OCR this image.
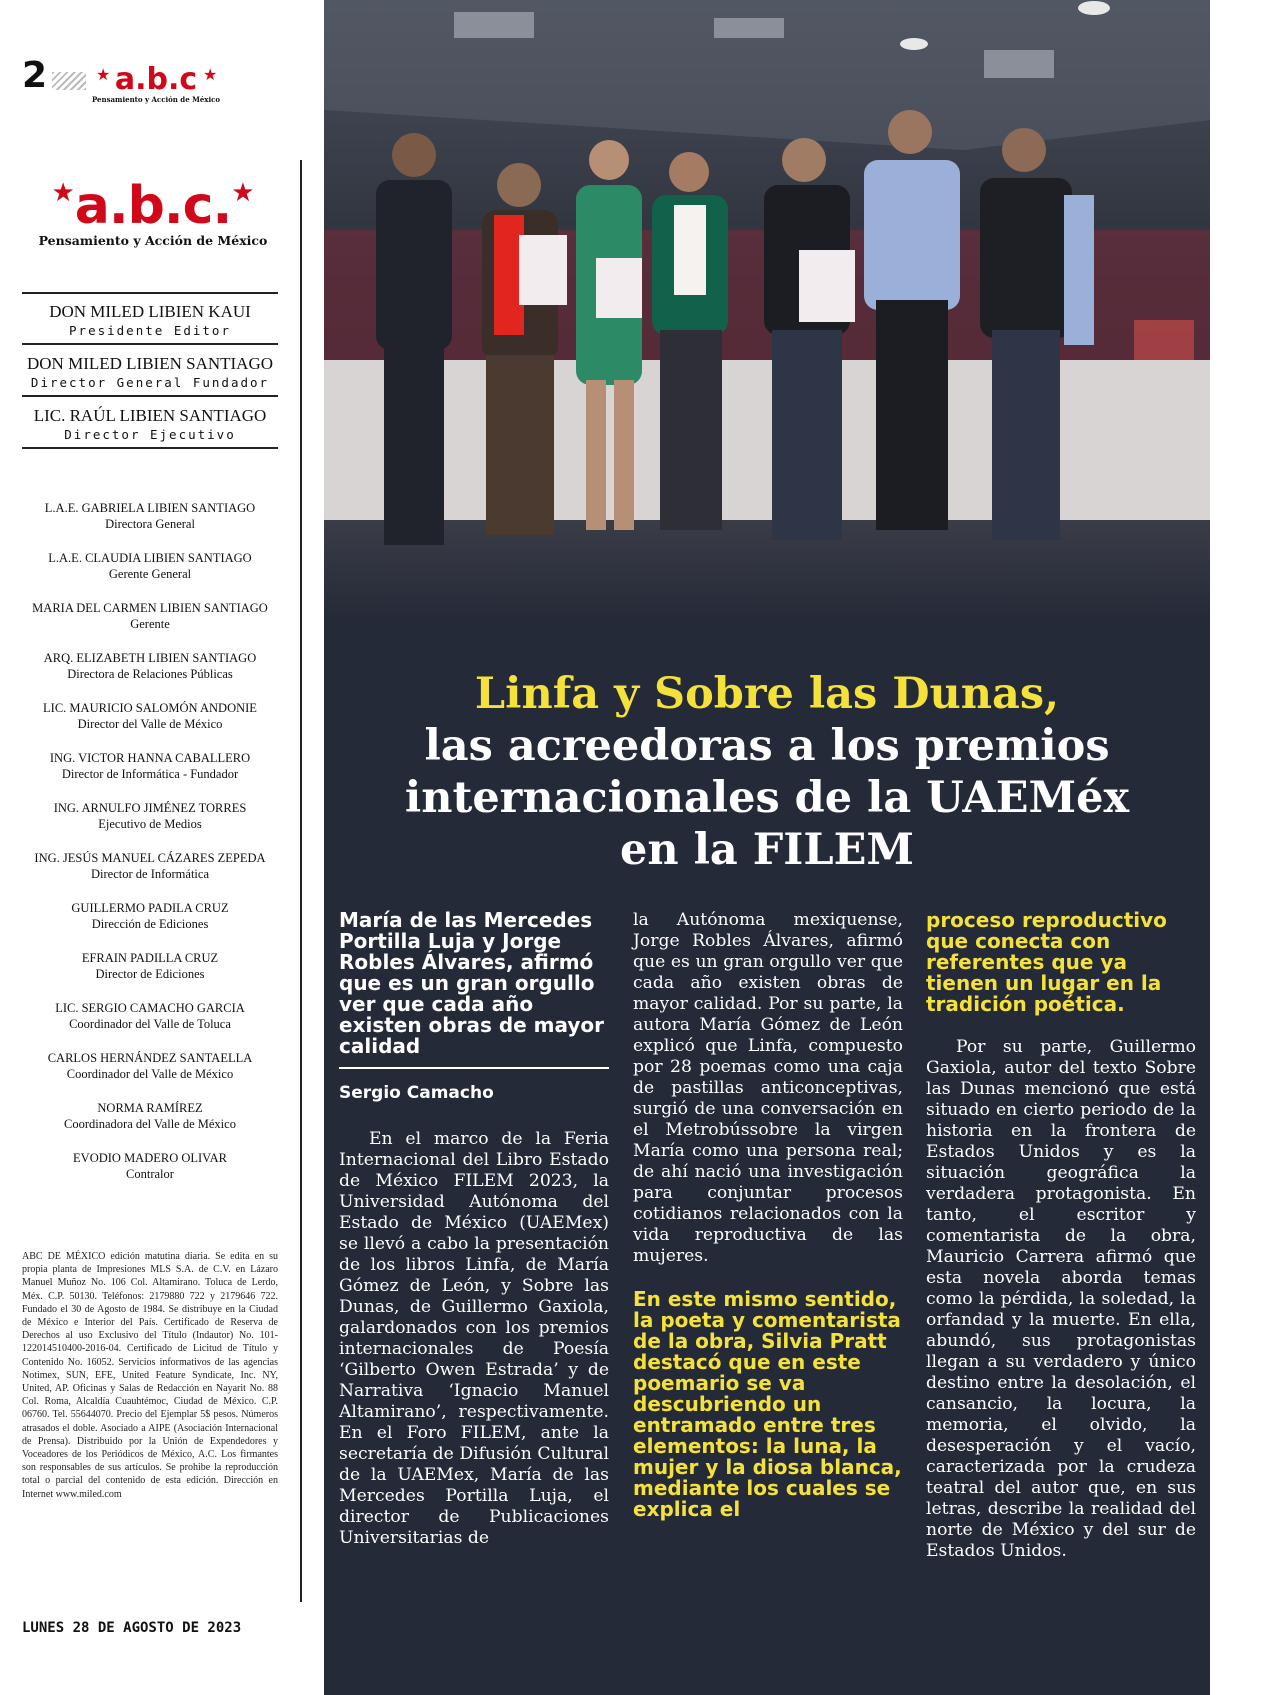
2	★ a.b.c ★
Pensamiento y Acción de México
★a.b.c.★
Pensamiento y Acción de México
DON MILED LIBIEN KAUI
Presidente Editor
DON MILED LIBIEN SANTIAGO
Director General Fundador
LIC. RAÚL LIBIEN SANTIAGO
Director Ejecutivo
L.A.E. GABRIELA LIBIEN SANTIAGO
Directora General
L.A.E. CLAUDIA LIBIEN SANTIAGO
Gerente General
MARIA DEL CARMEN LIBIEN SANTIAGO
Gerente
ARQ. ELIZABETH LIBIEN SANTIAGO
Directora de Relaciones Públicas
LIC. MAURICIO SALOMÓN ANDONIE
Director del Valle de México
ING. VICTOR HANNA CABALLERO
Director de Informática - Fundador
ING. ARNULFO JIMÉNEZ TORRES
Ejecutivo de Medios
ING. JESÚS MANUEL CÁZARES ZEPEDA
Director de Informática
GUILLERMO PADILA CRUZ
Dirección de Ediciones
EFRAIN PADILLA CRUZ
Director de Ediciones
LIC. SERGIO CAMACHO GARCIA
Coordinador del Valle de Toluca
CARLOS HERNÁNDEZ SANTAELLA
Coordinador del Valle de México
NORMA RAMÍREZ
Coordinadora del Valle de México
EVODIO MADERO OLIVAR
Contralor
ABC DE MÉXICO edición matutina diaria. Se edita en su propia planta de Impresiones MLS S.A. de C.V. en Lázaro Manuel Muñoz No. 106 Col. Altamirano. Toluca de Lerdo, Méx. C.P. 50130. Teléfonos: 2179880 722 y 2179646 722. Fundado el 30 de Agosto de 1984. Se distribuye en la Ciudad de México e Interior del País. Certificado de Reserva de Derechos al uso Exclusivo del Título (Indautor) No. 101-122014510400-2016-04. Certificado de Licitud de Título y Contenido No. 16052. Servicios informativos de las agencias Notimex, SUN, EFE, United Feature Syndicate, Inc. NY, United, AP. Oficinas y Salas de Redacción en Nayarit No. 88 Col. Roma, Alcaldía Cuauhtémoc, Ciudad de México. C.P. 06760. Tel. 55644070. Precio del Ejemplar 5$ pesos. Números atrasados el doble. Asociado a AIPE (Asociación Internacional de Prensa). Distribuido por la Unión de Expendedores y Voceadores de los Periódicos de México, A.C. Los firmantes son responsables de sus artículos. Se prohibe la reproducción total o parcial del contenido de esta edición. Dirección en Internet www.miled.com
LUNES 28 DE AGOSTO DE 2023
Linfa y Sobre las Dunas,
las acreedoras a los premios
internacionales de la UAEMéx
en la FILEM
María de las Mercedes Portilla Luja y Jorge Robles Álvares, afirmó que es un gran orgullo ver que cada año existen obras de mayor calidad
Sergio Camacho

En el marco de la Feria Internacional del Libro Estado de México FILEM 2023, la Universidad Autónoma del Estado de México (UAEMex) se llevó a cabo la presentación de los libros Linfa, de María Gómez de León, y Sobre las Dunas, de Guillermo Gaxiola, galardonados con los premios internacionales de Poesía ‘Gilberto Owen Estrada’ y de Narrativa ‘Ignacio Manuel Altamirano’, respectivamente. En el Foro FILEM, ante la secretaría de Difusión Cultural de la UAEMex, María de las Mercedes Portilla Luja, el director de Publicaciones Universitarias de

la Autónoma mexiquense, Jorge Robles Álvares, afirmó que es un gran orgullo ver que cada año existen obras de mayor calidad. Por su parte, la autora María Gómez de León explicó que Linfa, compuesto por 28 poemas como una caja de pastillas anticonceptivas, surgió de una conversación en el Metrobússobre la virgen María como una persona real; de ahí nació una investigación para conjuntar procesos cotidianos relacionados con la vida reproductiva de las mujeres.

En este mismo sentido, la poeta y comentarista de la obra, Silvia Pratt destacó que en este poemario se va descubriendo un entramado entre tres elementos: la luna, la mujer y la diosa blanca, mediante los cuales se explica el
proceso reproductivo que conecta con referentes que ya tienen un lugar en la tradición poética.

Por su parte, Guillermo Gaxiola, autor del texto Sobre las Dunas mencionó que está situado en cierto periodo de la historia en la frontera de Estados Unidos y es la situación geográfica la verdadera protagonista. En tanto, el escritor y comentarista de la obra, Mauricio Carrera afirmó que esta novela aborda temas como la pérdida, la soledad, la orfandad y la muerte. En ella, abundó, sus protagonistas llegan a su verdadero y único destino entre la desolación, el cansancio, la locura, la memoria, el olvido, la desesperación y el vacío, caracterizada por la crudeza teatral del autor que, en sus letras, describe la realidad del norte de México y del sur de Estados Unidos.
